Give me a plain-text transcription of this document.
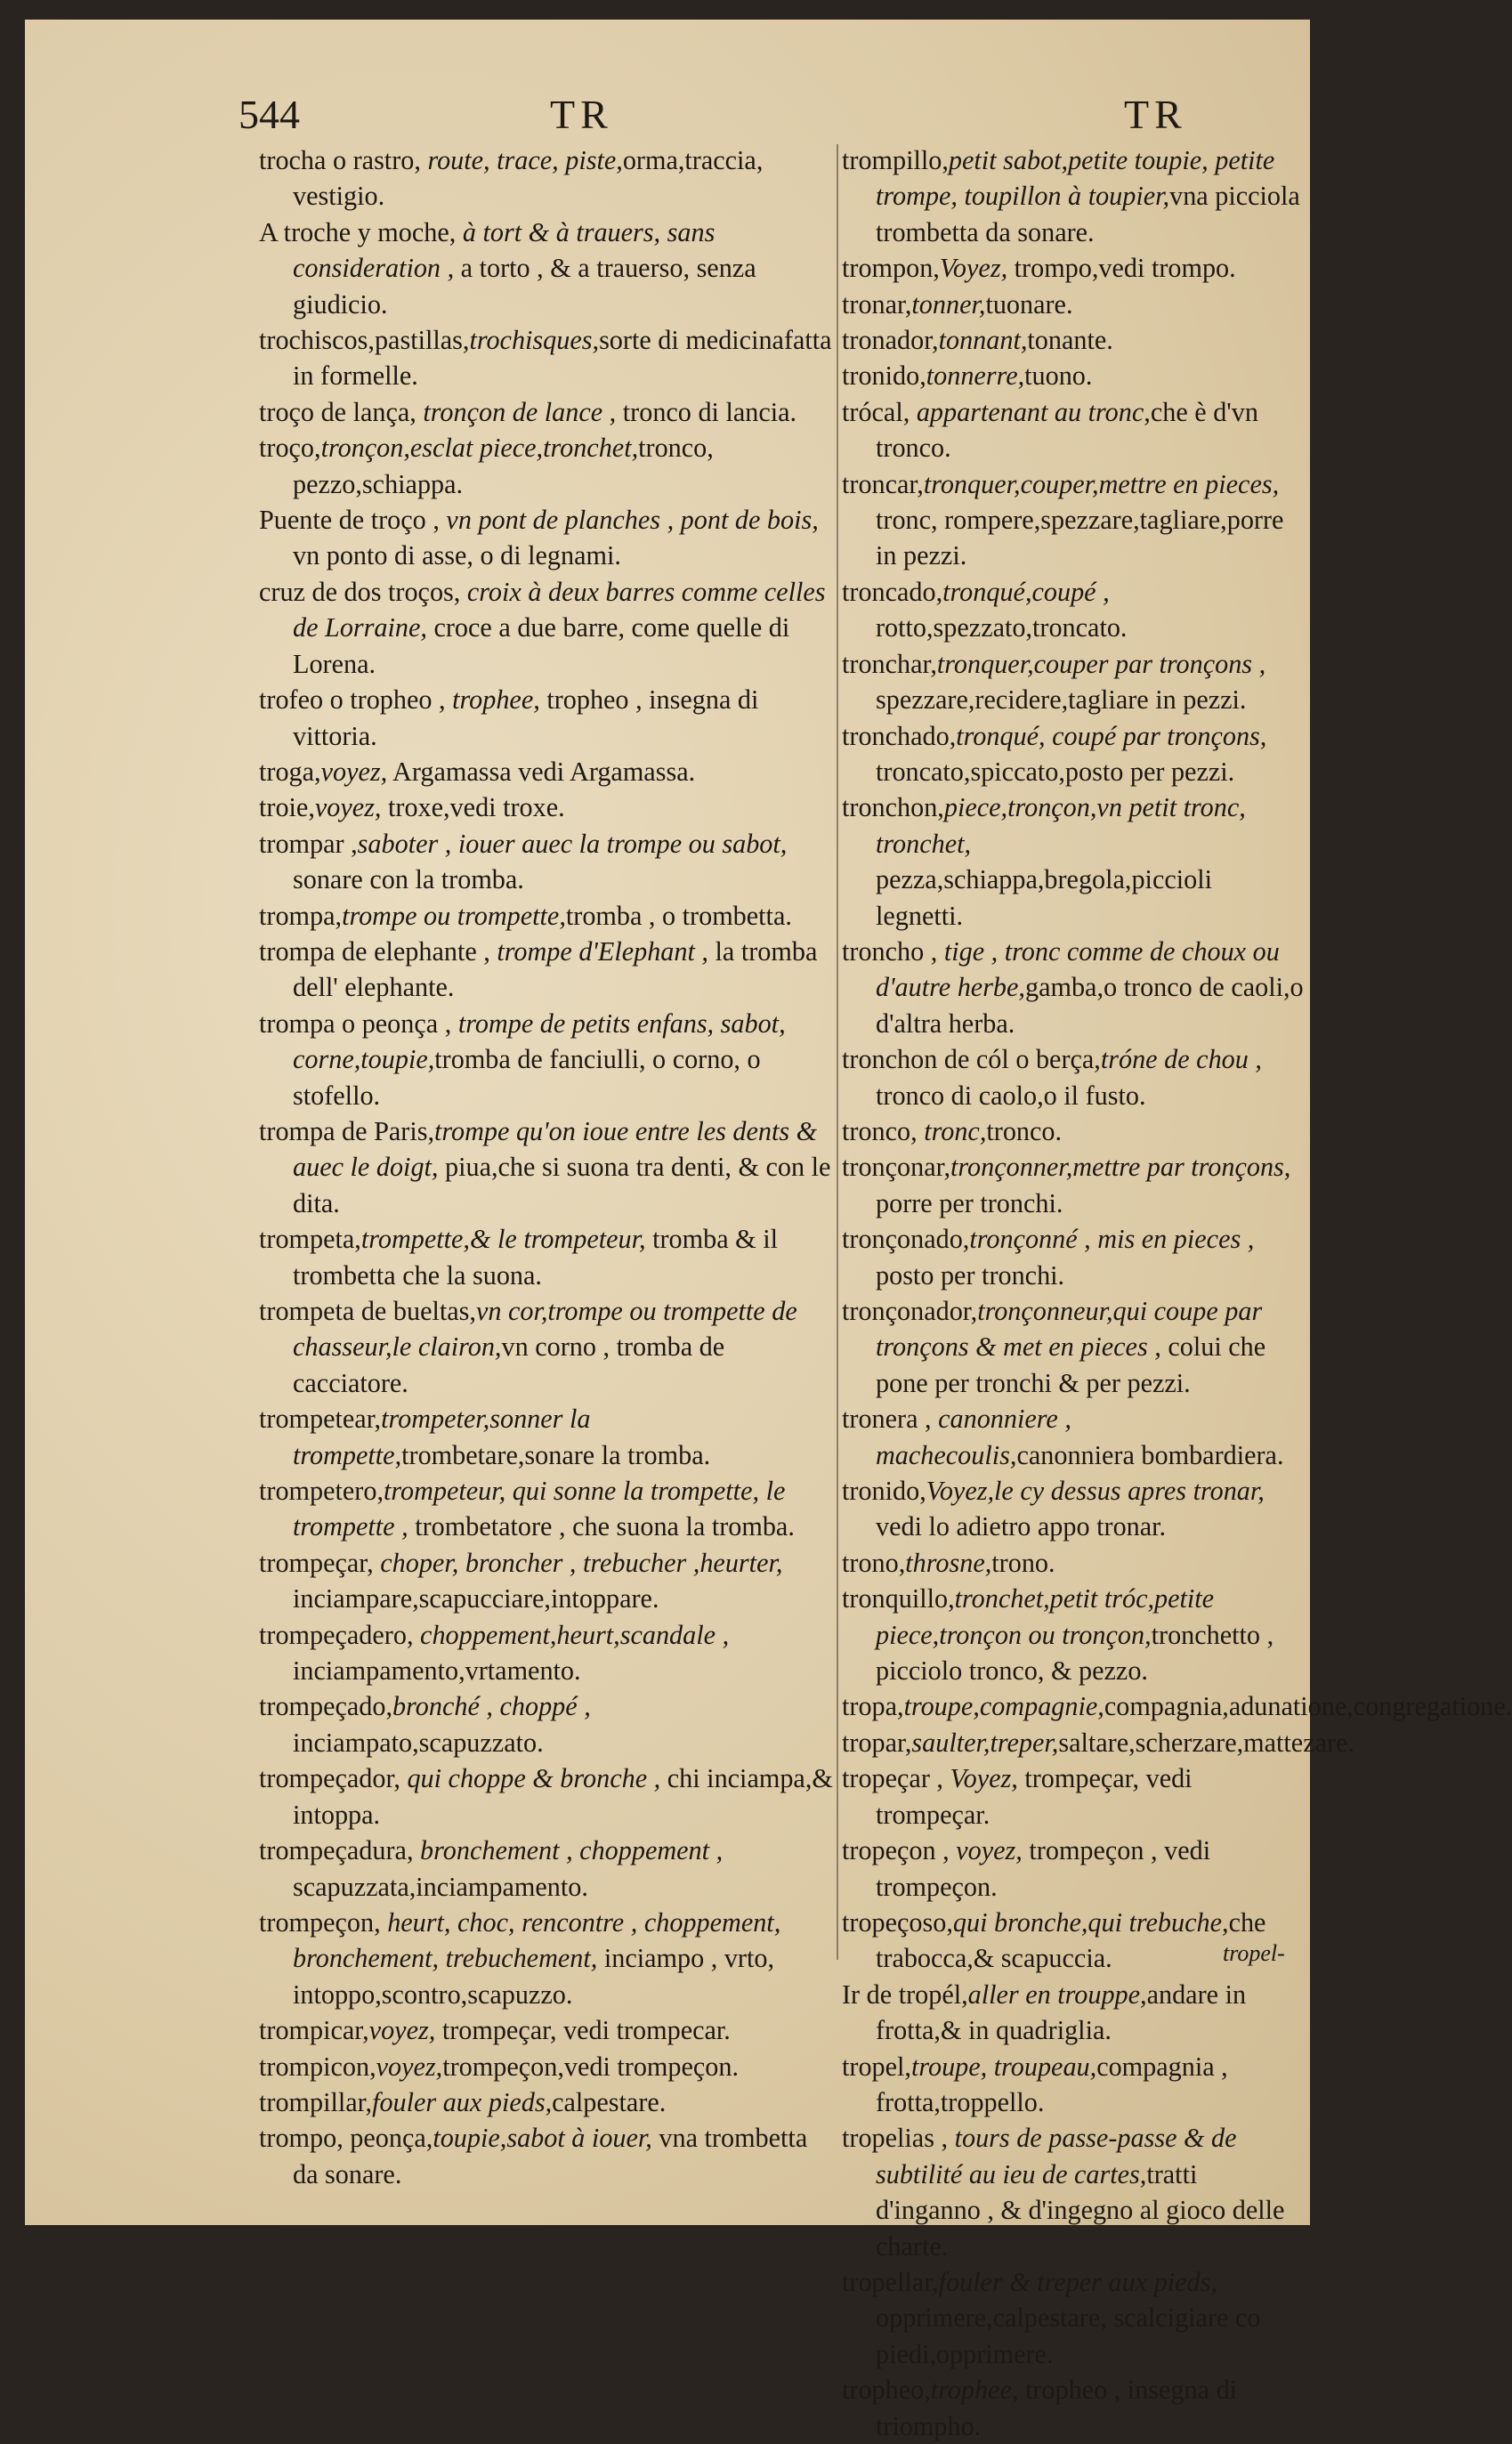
544	TR	TR

trocha o rastro, route, trace, piste,orma,traccia, vestigio.

A troche y moche, à tort & à trauers, sans consideration , a torto , & a trauerso, senza giudicio.

trochiscos,pastillas,trochisques,sorte di medicinafatta in formelle.

troço de lança, tronçon de lance , tronco di lancia.

troço,tronçon,esclat piece,tronchet,tronco, pezzo,schiappa.

Puente de troço , vn pont de planches , pont de bois, vn ponto di asse, o di legnami.

cruz de dos troços, croix à deux barres comme celles de Lorraine, croce a due barre, come quelle di Lorena.

trofeo o tropheo , trophee, tropheo , insegna di vittoria.

troga,voyez, Argamassa vedi Argamassa.

troie,voyez, troxe,vedi troxe.

trompar ,saboter , iouer auec la trompe ou sabot, sonare con la tromba.

trompa,trompe ou trompette,tromba , o trombetta.

trompa de elephante , trompe d'Elephant , la tromba dell' elephante.

trompa o peonça , trompe de petits enfans, sabot, corne,toupie,tromba de fanciulli, o corno, o stofello.

trompa de Paris,trompe qu'on ioue entre les dents & auec le doigt, piua,che si suona tra denti, & con le dita.

trompeta,trompette,& le trompeteur, tromba & il trombetta che la suona.

trompeta de bueltas,vn cor,trompe ou trompette de chasseur,le clairon,vn corno , tromba de cacciatore.

trompetear,trompeter,sonner la trompette,trombetare,sonare la tromba.

trompetero,trompeteur, qui sonne la trompette, le trompette , trombetatore , che suona la tromba.

trompeçar, choper, broncher , trebucher ,heurter, inciampare,scapucciare,intoppare.

trompeçadero, choppement,heurt,scandale , inciampamento,vrtamento.

trompeçado,bronché , choppé , inciampato,scapuzzato.

trompeçador, qui choppe & bronche , chi inciampa,& intoppa.

trompeçadura, bronchement , choppement , scapuzzata,inciampamento.

trompeçon, heurt, choc, rencontre , choppement, bronchement, trebuchement, inciampo , vrto, intoppo,scontro,scapuzzo.

trompicar,voyez, trompeçar, vedi trompecar.

trompicon,voyez,trompeçon,vedi trompeçon.

trompillar,fouler aux pieds,calpestare.

trompo, peonça,toupie,sabot à iouer, vna trombetta da sonare.

trompillo,petit sabot,petite toupie, petite trompe, toupillon à toupier,vna picciola trombetta da sonare.

trompon,Voyez, trompo,vedi trompo.

tronar,tonner,tuonare.

tronador,tonnant,tonante.

tronido,tonnerre,tuono.

trócal, appartenant au tronc,che è d'vn tronco.

troncar,tronquer,couper,mettre en pieces, tronc, rompere,spezzare,tagliare,porre in pezzi.

troncado,tronqué,coupé , rotto,spezzato,troncato.

tronchar,tronquer,couper par tronçons , spezzare,recidere,tagliare in pezzi.

tronchado,tronqué, coupé par tronçons, troncato,spiccato,posto per pezzi.

tronchon,piece,tronçon,vn petit tronc, tronchet, pezza,schiappa,bregola,piccioli legnetti.

troncho , tige , tronc comme de choux ou d'autre herbe,gamba,o tronco de caoli,o d'altra herba.

tronchon de cól o berça,tróne de chou , tronco di caolo,o il fusto.

tronco, tronc,tronco.

tronçonar,tronçonner,mettre par tronçons, porre per tronchi.

tronçonado,tronçonné , mis en pieces , posto per tronchi.

tronçonador,tronçonneur,qui coupe par tronçons & met en pieces , colui che pone per tronchi & per pezzi.

tronera , canonniere , machecoulis,canonniera bombardiera.

tronido,Voyez,le cy dessus apres tronar, vedi lo adietro appo tronar.

trono,throsne,trono.

tronquillo,tronchet,petit tróc,petite piece,tronçon ou tronçon,tronchetto , picciolo tronco, & pezzo.

tropa,troupe,compagnie,compagnia,adunatione,congregatione.

tropar,saulter,treper,saltare,scherzare,mattezare.

tropeçar , Voyez, trompeçar, vedi trompeçar.

tropeçon , voyez, trompeçon , vedi trompeçon.

tropeçoso,qui bronche,qui trebuche,che trabocca,& scapuccia.

Ir de tropél,aller en trouppe,andare in frotta,& in quadriglia.

tropel,troupe, troupeau,compagnia , frotta,troppello.

tropelias , tours de passe-passe & de subtilité au ieu de cartes,tratti d'inganno , & d'ingegno al gioco delle charte.

tropellar,fouler & treper aux pieds, opprimere,calpestare, scalcigiare co piedi,opprimere.

tropheo,trophee, tropheo , insegna di triompho.

tropel-
